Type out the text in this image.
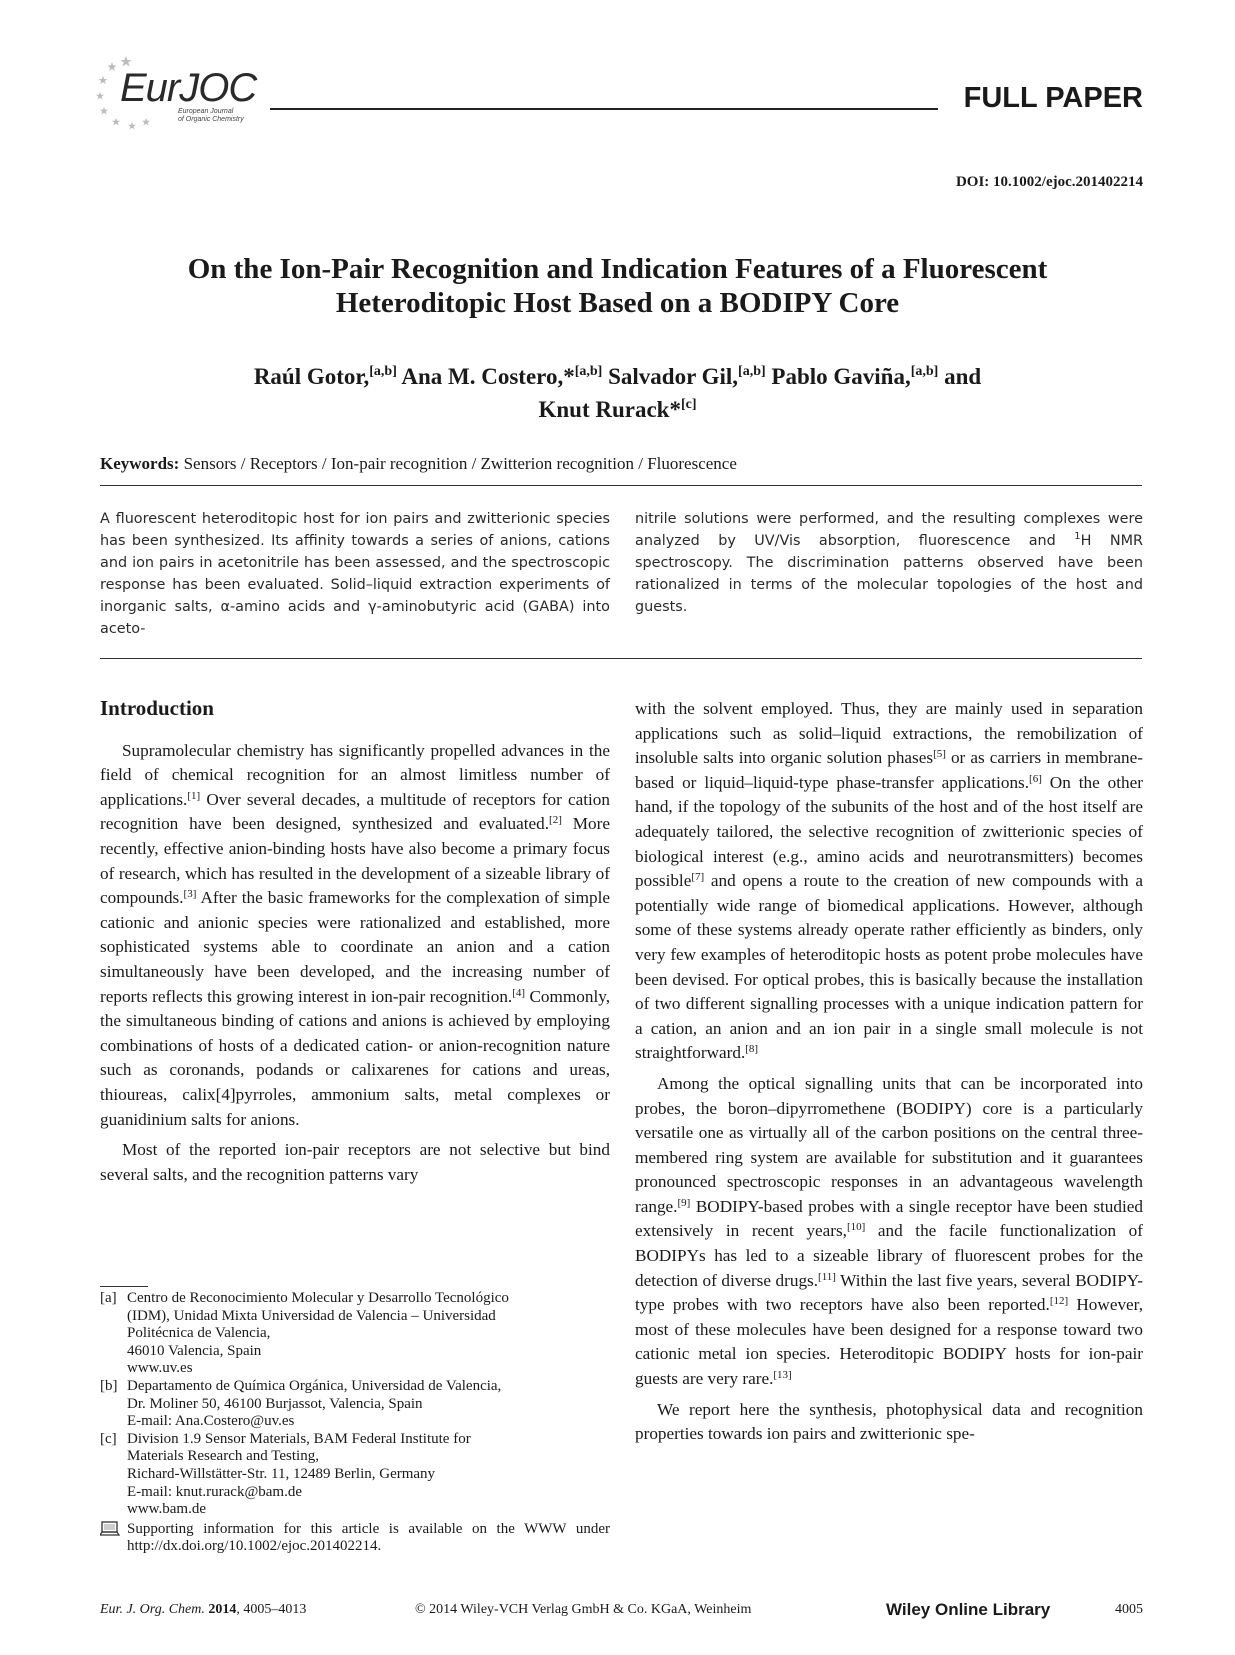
EurJOC
European Journal
of Organic Chemistry
FULL PAPER
DOI: 10.1002/ejoc.201402214
On the Ion-Pair Recognition and Indication Features of a Fluorescent
Heteroditopic Host Based on a BODIPY Core
Raúl Gotor,[a,b] Ana M. Costero,*[a,b] Salvador Gil,[a,b] Pablo Gaviña,[a,b] and
Knut Rurack*[c]
Keywords: Sensors / Receptors / Ion-pair recognition / Zwitterion recognition / Fluorescence
A fluorescent heteroditopic host for ion pairs and zwitterionic species has been synthesized. Its affinity towards a series of anions, cations and ion pairs in acetonitrile has been assessed, and the spectroscopic response has been evaluated. Solid–liquid extraction experiments of inorganic salts, α-amino acids and γ-aminobutyric acid (GABA) into aceto-
nitrile solutions were performed, and the resulting complexes were analyzed by UV/Vis absorption, fluorescence and $^1$H NMR spectroscopy. The discrimination patterns observed have been rationalized in terms of the molecular topologies of the host and guests.
Introduction

Supramolecular chemistry has significantly propelled advances in the field of chemical recognition for an almost limitless number of applications.[1] Over several decades, a multitude of receptors for cation recognition have been designed, synthesized and evaluated.[2] More recently, effective anion-binding hosts have also become a primary focus of research, which has resulted in the development of a sizeable library of compounds.[3] After the basic frameworks for the complexation of simple cationic and anionic species were rationalized and established, more sophisticated systems able to coordinate an anion and a cation simultaneously have been developed, and the increasing number of reports reflects this growing interest in ion-pair recognition.[4] Commonly, the simultaneous binding of cations and anions is achieved by employing combinations of hosts of a dedicated cation- or anion-recognition nature such as coronands, podands or calixarenes for cations and ureas, thioureas, calix[4]pyrroles, ammonium salts, metal complexes or guanidinium salts for anions.

Most of the reported ion-pair receptors are not selective but bind several salts, and the recognition patterns vary

with the solvent employed. Thus, they are mainly used in separation applications such as solid–liquid extractions, the remobilization of insoluble salts into organic solution phases[5] or as carriers in membrane-based or liquid–liquid-type phase-transfer applications.[6] On the other hand, if the topology of the subunits of the host and of the host itself are adequately tailored, the selective recognition of zwitterionic species of biological interest (e.g., amino acids and neurotransmitters) becomes possible[7] and opens a route to the creation of new compounds with a potentially wide range of biomedical applications. However, although some of these systems already operate rather efficiently as binders, only very few examples of heteroditopic hosts as potent probe molecules have been devised. For optical probes, this is basically because the installation of two different signalling processes with a unique indication pattern for a cation, an anion and an ion pair in a single small molecule is not straightforward.[8]

Among the optical signalling units that can be incorporated into probes, the boron–dipyrromethene (BODIPY) core is a particularly versatile one as virtually all of the carbon positions on the central three-membered ring system are available for substitution and it guarantees pronounced spectroscopic responses in an advantageous wavelength range.[9] BODIPY-based probes with a single receptor have been studied extensively in recent years,[10] and the facile functionalization of BODIPYs has led to a sizeable library of fluorescent probes for the detection of diverse drugs.[11] Within the last five years, several BODIPY-type probes with two receptors have also been reported.[12] However, most of these molecules have been designed for a response toward two cationic metal ion species. Heteroditopic BODIPY hosts for ion-pair guests are very rare.[13]

We report here the synthesis, photophysical data and recognition properties towards ion pairs and zwitterionic spe-

[a] Centro de Reconocimiento Molecular y Desarrollo Tecnológico
(IDM), Unidad Mixta Universidad de Valencia – Universidad
Politécnica de Valencia,
46010 Valencia, Spain
www.uv.es
[b] Departamento de Química Orgánica, Universidad de Valencia,
Dr. Moliner 50, 46100 Burjassot, Valencia, Spain
E-mail: Ana.Costero@uv.es
[c] Division 1.9 Sensor Materials, BAM Federal Institute for
Materials Research and Testing,
Richard-Willstätter-Str. 11, 12489 Berlin, Germany
E-mail: knut.rurack@bam.de
www.bam.de
Supporting information for this article is available on the WWW under http://dx.doi.org/10.1002/ejoc.201402214.
Eur. J. Org. Chem. 2014, 4005–4013	© 2014 Wiley-VCH Verlag GmbH & Co. KGaA, Weinheim	Wiley Online Library	4005
